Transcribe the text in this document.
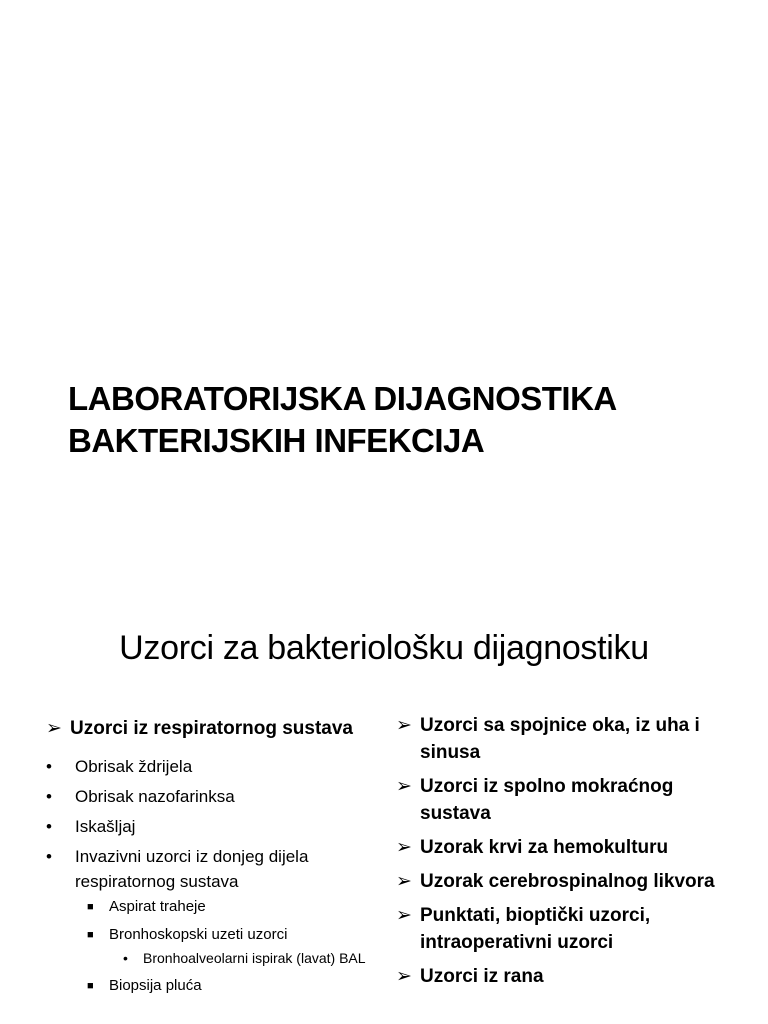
LABORATORIJSKA DIJAGNOSTIKA
BAKTERIJSKIH INFEKCIJA
Uzorci za bakteriološku dijagnostiku
➢ Uzorci iz respiratornog sustava
• Obrisak ždrijela
• Obrisak nazofarinksa
• Iskašljaj
• Invazivni uzorci iz donjeg dijela respiratornog sustava
■ Aspirat traheje
■ Bronhoskopski uzeti uzorci
• Bronhoalveolarni ispirak (lavat) BAL
■ Biopsija pluća
➢ Uzorci sa spojnice oka, iz uha i sinusa
➢ Uzorci iz spolno mokraćnog sustava
➢ Uzorak krvi za hemokulturu
➢ Uzorak cerebrospinalnog likvora
➢ Punktati, bioptički uzorci, intraoperativni uzorci
➢ Uzorci iz rana
